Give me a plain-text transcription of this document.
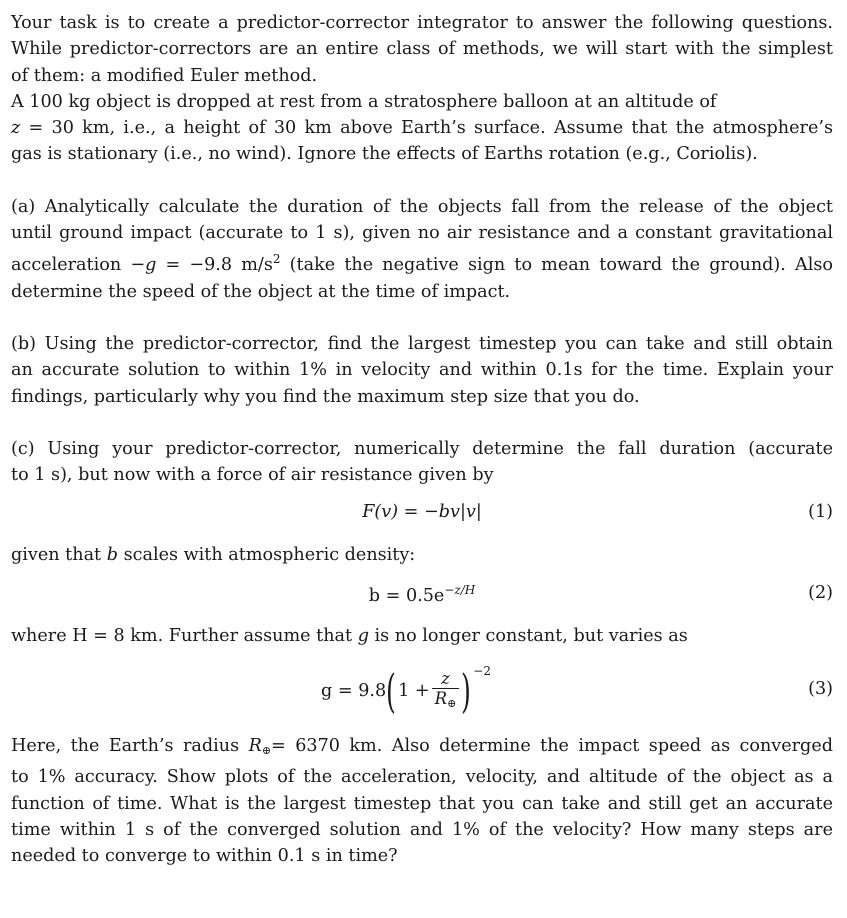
Your task is to create a predictor-corrector integrator to answer the following questions.
While predictor-correctors are an entire class of methods, we will start with the simplest
of them: a modified Euler method.
A 100 kg object is dropped at rest from a stratosphere balloon at an altitude of
z = 30 km, i.e., a height of 30 km above Earth’s surface. Assume that the atmosphere’s
gas is stationary (i.e., no wind). Ignore the effects of Earths rotation (e.g., Coriolis).
(a) Analytically calculate the duration of the objects fall from the release of the object
until ground impact (accurate to 1 s), given no air resistance and a constant gravitational
acceleration −g = −9.8 $m/s^2$ (take the negative sign to mean toward the ground). Also
determine the speed of the object at the time of impact.
(b) Using the predictor-corrector, find the largest timestep you can take and still obtain
an accurate solution to within 1% in velocity and within 0.1s for the time. Explain your
findings, particularly why you find the maximum step size that you do.
(c) Using your predictor-corrector, numerically determine the fall duration (accurate
to 1 s), but now with a force of air resistance given by
F(v) = −bv|v|	(1)
given that b scales with atmospheric density:
$b = 0.5e^{-z/H}$	(2)
where H = 8 km. Further assume that g is no longer constant, but varies as
g = 9.8 ( $1 + \frac{z}{R_\oplus}$ ) −2
(3)
Here, the Earth’s radius $R_\oplus= 6370$ km. Also determine the impact speed as converged
to 1% accuracy. Show plots of the acceleration, velocity, and altitude of the object as a
function of time. What is the largest timestep that you can take and still get an accurate
time within 1 s of the converged solution and 1% of the velocity? How many steps are
needed to converge to within 0.1 s in time?
